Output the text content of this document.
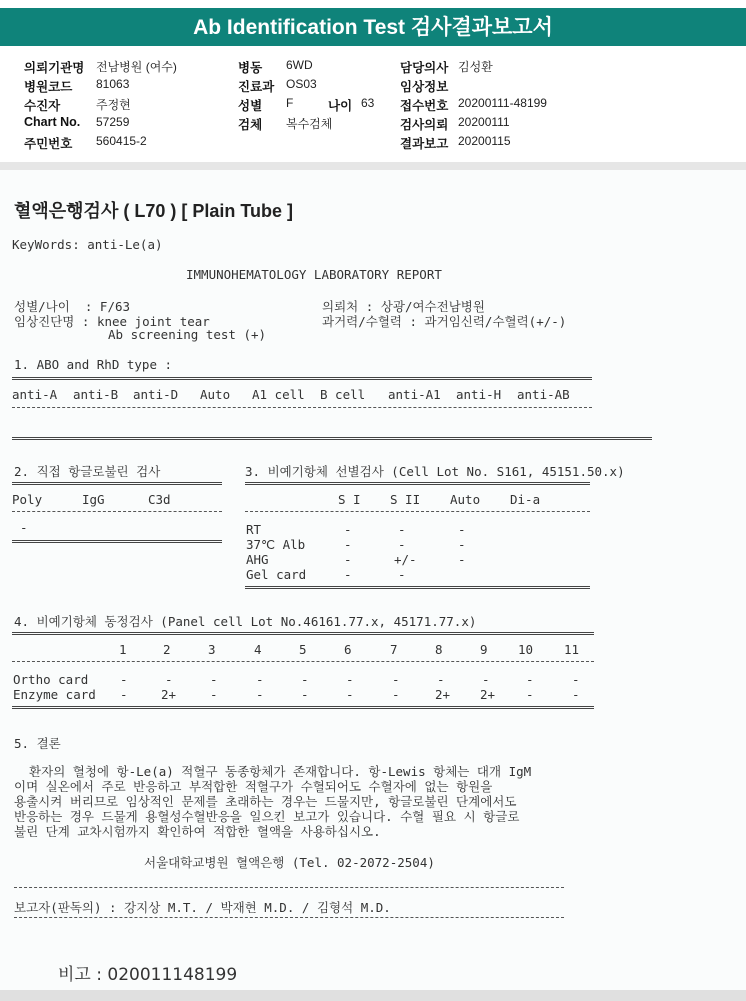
Ab Identification Test 검사결과보고서
의뢰기관명 전남병원 (여수)
병원코드 81063
수진자	주정현
Chart No. 57259
주민번호 560415-2
병동 6WD
진료과 OS03
성별 F	나이 63
검체 복수검체
담당의사 김성환
임상정보
접수번호 20200111-48199
검사의뢰 20200111
결과보고 20200115
혈액은행검사 ( L70 ) [ Plain Tube ]
KeyWords: anti-Le(a)
IMMUNOHEMATOLOGY LABORATORY REPORT
성별/나이  : F/63
임상진단명 : knee joint tear
Ab screening test (+)
의뢰처 : 상광/여수전남병원
과거력/수혈력 : 과거임신력/수혈력(+/-)
1. ABO and RhD type :
anti-A anti-B anti-D Auto A1 cell B cell anti-A1 anti-H anti-AB
2. 직접 항글로불린 검사
Poly	IgG	C3d
-
3. 비예기항체 선별검사 (Cell Lot No. S161, 45151.50.x)
S I S II Auto Di-a
RT	-	-	-
37℃ Alb	-	-	-
AHG	-	+/-	-
Gel card	-	-
4. 비예기항체 동정검사 (Panel cell Lot No.46161.77.x, 45171.77.x)
1	2	3	4	5	6	7	8	9 10 11
Ortho card	-	-	-	-	-	-	-	-	-	-	-
Enzyme card -	2+	-	-	-	-	-	2+ 2+ -	-
5. 결론
환자의 혈청에 항-Le(a) 적혈구 동종항체가 존재합니다. 항-Lewis 항체는 대개 IgM
이며 실온에서 주로 반응하고 부적합한 적혈구가 수혈되어도 수혈자에 없는 항원을
용출시켜 버리므로 임상적인 문제를 초래하는 경우는 드물지만, 항글로불린 단계에서도
반응하는 경우 드물게 용혈성수혈반응을 일으킨 보고가 있습니다. 수혈 필요 시 항글로
불린 단계 교차시험까지 확인하여 적합한 혈액을 사용하십시오.
서울대학교병원 혈액은행 (Tel. 02-2072-2504)
보고자(판독의) : 강지상 M.T. / 박재현 M.D. / 김형석 M.D.
비고 : 020011148199
